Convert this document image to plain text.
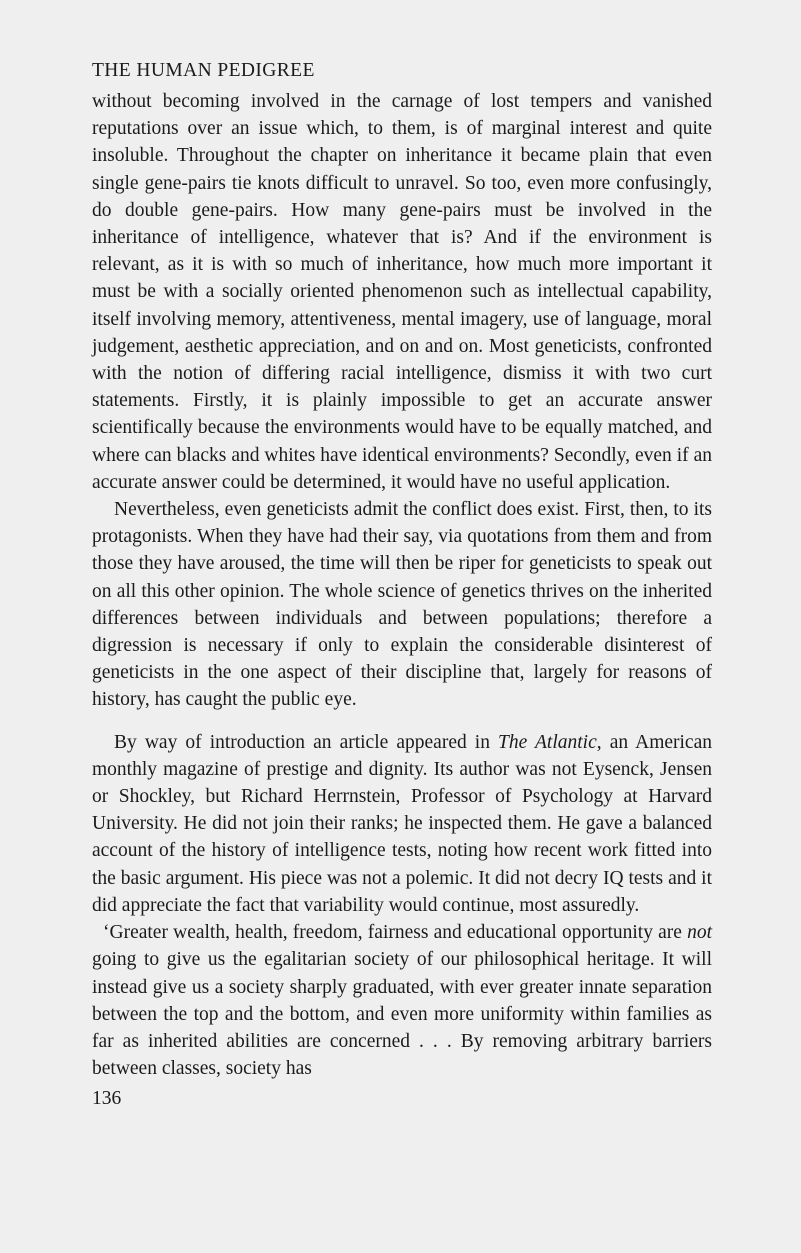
THE HUMAN PEDIGREE

without becoming involved in the carnage of lost tempers and vanished reputations over an issue which, to them, is of marginal interest and quite insoluble. Throughout the chapter on inheritance it became plain that even single gene-pairs tie knots difficult to unravel. So too, even more confusingly, do double gene-pairs. How many gene-pairs must be involved in the inheritance of intelligence, whatever that is? And if the environment is relevant, as it is with so much of inheritance, how much more important it must be with a socially oriented phenomenon such as intellectual capability, itself involving memory, attentiveness, mental imagery, use of language, moral judgement, aesthetic appreciation, and on and on. Most geneticists, confronted with the notion of differing racial intelligence, dismiss it with two curt statements. Firstly, it is plainly impossible to get an accurate answer scientifically because the environments would have to be equally matched, and where can blacks and whites have identical environments? Secondly, even if an accurate answer could be determined, it would have no useful application.

Nevertheless, even geneticists admit the conflict does exist. First, then, to its protagonists. When they have had their say, via quotations from them and from those they have aroused, the time will then be riper for geneticists to speak out on all this other opinion. The whole science of genetics thrives on the inherited differences between individuals and between populations; therefore a digression is necessary if only to explain the considerable disinterest of geneticists in the one aspect of their discipline that, largely for reasons of history, has caught the public eye.

By way of introduction an article appeared in The Atlantic, an American monthly magazine of prestige and dignity. Its author was not Eysenck, Jensen or Shockley, but Richard Herrnstein, Professor of Psychology at Harvard University. He did not join their ranks; he inspected them. He gave a balanced account of the history of intelligence tests, noting how recent work fitted into the basic argument. His piece was not a polemic. It did not decry IQ tests and it did appreciate the fact that variability would continue, most assuredly.

‘Greater wealth, health, freedom, fairness and educational opportunity are not going to give us the egalitarian society of our philosophical heritage. It will instead give us a society sharply graduated, with ever greater innate separation between the top and the bottom, and even more uniformity within families as far as inherited abilities are concerned . . . By removing arbitrary barriers between classes, society has

136
